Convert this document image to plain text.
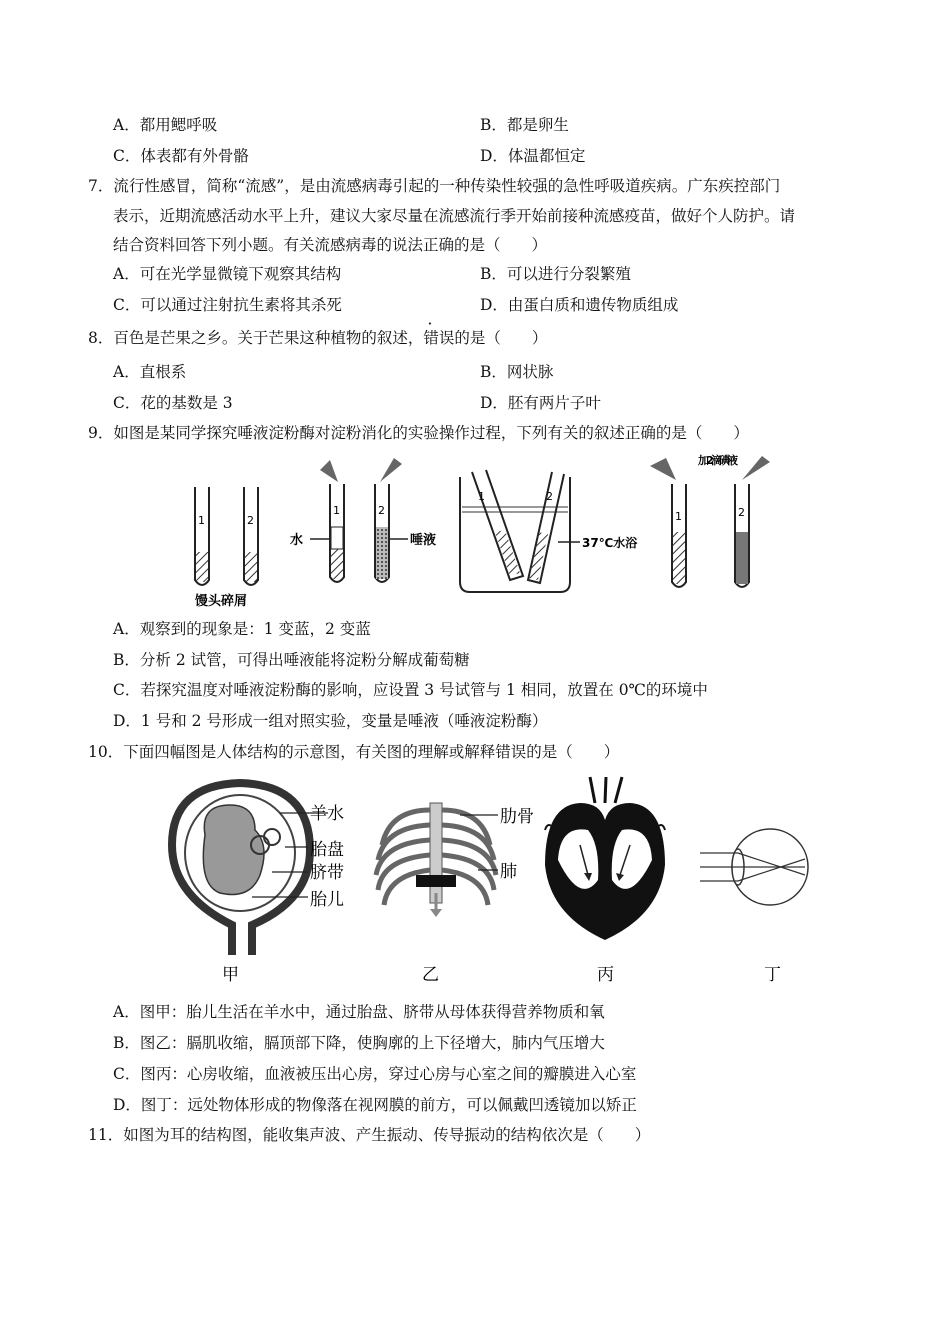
A．都用鳃呼吸	B．都是卵生
C．体表都有外骨骼	D．体温都恒定
7．流行性感冒，简称“流感”，是由流感病毒引起的一种传染性较强的急性呼吸道疾病。广东疾控部门
表示，近期流感活动水平上升，建议大家尽量在流感流行季开始前接种流感疫苗，做好个人防护。请
结合资料回答下列小题。有关流感病毒的说法正确的是（　　）
A．可在光学显微镜下观察其结构	B．可以进行分裂繁殖
C．可以通过注射抗生素将其杀死	D．由蛋白质和遗传物质组成
8．百色是芒果之乡。关于芒果这种植物的叙述，错误的是（　　）
A．直根系	B．网状脉
C．花的基数是 3	D．胚有两片子叶
9．如图是某同学探究唾液淀粉酶对淀粉消化的实验操作过程，下列有关的叙述正确的是（　　）
1	2
馒头碎屑
1	2
水	唾液
1	2
37℃水浴
1	2
加2滴碘液
A．观察到的现象是：1 变蓝，2 变蓝
B．分析 2 试管，可得出唾液能将淀粉分解成葡萄糖
C．若探究温度对唾液淀粉酶的影响，应设置 3 号试管与 1 相同，放置在 0℃的环境中
D．1 号和 2 号形成一组对照实验，变量是唾液（唾液淀粉酶）
10．下面四幅图是人体结构的示意图，有关图的理解或解释错误的是（　　）
羊水
胎盘
脐带
胎儿
甲
肋骨
肺
乙	丙	丁
A．图甲：胎儿生活在羊水中，通过胎盘、脐带从母体获得营养物质和氧
B．图乙：膈肌收缩，膈顶部下降，使胸廓的上下径增大，肺内气压增大
C．图丙：心房收缩，血液被压出心房，穿过心房与心室之间的瓣膜进入心室
D．图丁：远处物体形成的物像落在视网膜的前方，可以佩戴凹透镜加以矫正
11．如图为耳的结构图，能收集声波、产生振动、传导振动的结构依次是（　　）
